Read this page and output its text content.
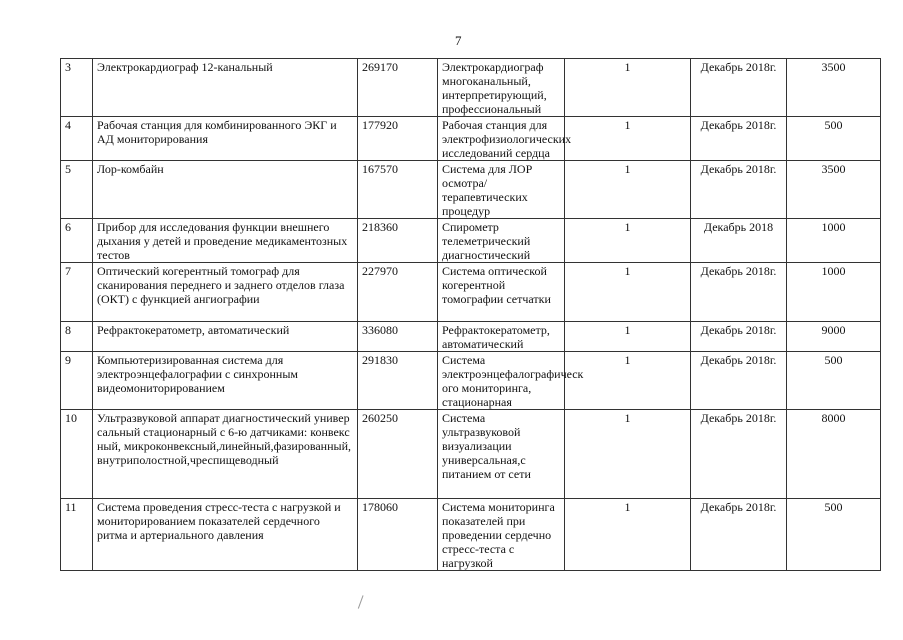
7
3	Электрокардиограф 12-канальный	269170	Электрокардиограф многоканальный, интерпретирующий, профессиональный	1	Декабрь 2018г.	3500
4	Рабочая станция для комбинированного ЭКГ и АД мониторирования	177920	Рабочая станция для электрофизиологических исследований сердца	1	Декабрь 2018г.	500
5	Лор-комбайн	167570	Система для ЛОР осмотра/терапевтических процедур	1	Декабрь 2018г.	3500
6	Прибор для исследования функции внешнего дыхания у детей и проведение медикаментозных тестов	218360	Спирометр телеметрический диагностический	1	Декабрь 2018	1000
7	Оптический когерентный томограф для сканирования переднего и заднего отделов глаза (ОКТ) с функцией ангиографии	227970	Система оптической когерентной томографии сетчатки	1	Декабрь 2018г.	1000
8	Рефрактокератометр, автоматический	336080	Рефрактокератометр, автоматический	1	Декабрь 2018г.	9000
9	Компьютеризированная система для электроэнцефалографии с синхронным видеомониторированием	291830	Система электроэнцефалографическ ого мониторинга, стационарная	1	Декабрь 2018г.	500
10	Ультразвуковой аппарат диагностический универсальный стационарный с 6-ю датчиками: конвексный, микроконвексный,линейный,фазированный,внутриполостной,чреспищеводный	260250	Система ультразвуковой визуализации универсальная,с питанием от сети	1	Декабрь 2018г.	8000
11	Система проведения стресс-теста с нагрузкой и мониторированием показателей сердечного ритма и артериального давления	178060	Система мониторинга показателей при проведении сердечно стресс-теста с нагрузкой	1	Декабрь 2018г.	500
